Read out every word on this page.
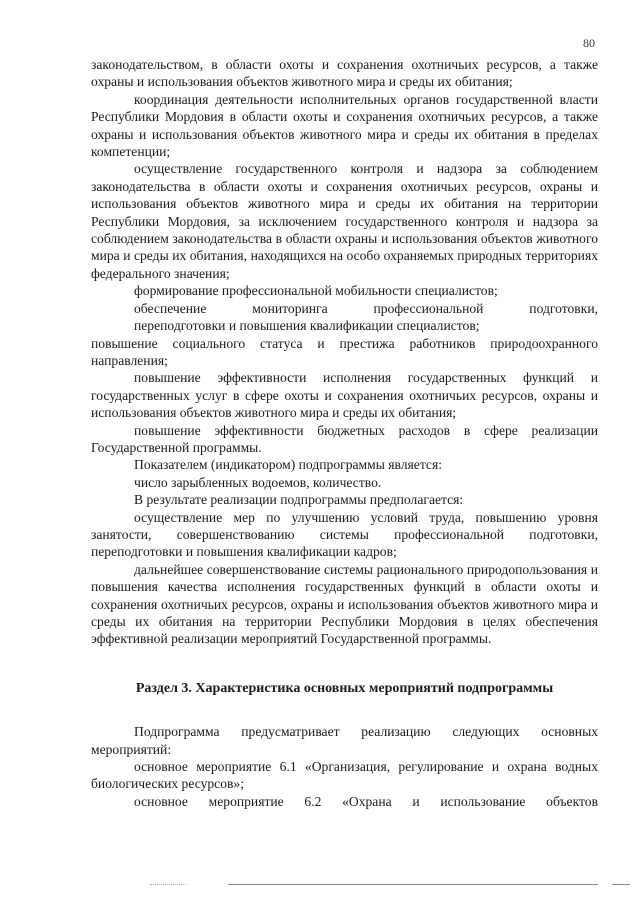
80

законодательством, в области охоты и сохранения охотничьих ресурсов, а также охраны и использования объектов животного мира и среды их обитания;

координация деятельности исполнительных органов государственной власти Республики Мордовия в области охоты и сохранения охотничьих ресурсов, а также охраны и использования объектов животного мира и среды их обитания в пределах компетенции;

осуществление государственного контроля и надзора за соблюдением законодательства в области охоты и сохранения охотничьих ресурсов, охраны и использования объектов животного мира и среды их обитания на территории Республики Мордовия, за исключением государственного контроля и надзора за соблюдением законодательства в области охраны и использования объектов животного мира и среды их обитания, находящихся на особо охраняемых природных территориях федерального значения;

формирование профессиональной мобильности специалистов;

обеспечение мониторинга профессиональной подготовки,

переподготовки и повышения квалификации специалистов;

повышение социального статуса и престижа работников природоохранного направления;

повышение эффективности исполнения государственных функций и государственных услуг в сфере охоты и сохранения охотничьих ресурсов, охраны и использования объектов животного мира и среды их обитания;

повышение эффективности бюджетных расходов в сфере реализации Государственной программы.

Показателем (индикатором) подпрограммы является:

число зарыбленных водоемов, количество.

В результате реализации подпрограммы предполагается:

осуществление мер по улучшению условий труда, повышению уровня занятости, совершенствованию системы профессиональной подготовки, переподготовки и повышения квалификации кадров;

дальнейшее совершенствование системы рационального природопользования и повышения качества исполнения государственных функций в области охоты и сохранения охотничьих ресурсов, охраны и использования объектов животного мира и среды их обитания на территории Республики Мордовия в целях обеспечения эффективной реализации мероприятий Государственной программы.

Раздел 3. Характеристика основных мероприятий подпрограммы

Подпрограмма предусматривает реализацию следующих основных мероприятий:

основное мероприятие 6.1 «Организация, регулирование и охрана водных биологических ресурсов»;

основное мероприятие 6.2 «Охрана и использование объектов
